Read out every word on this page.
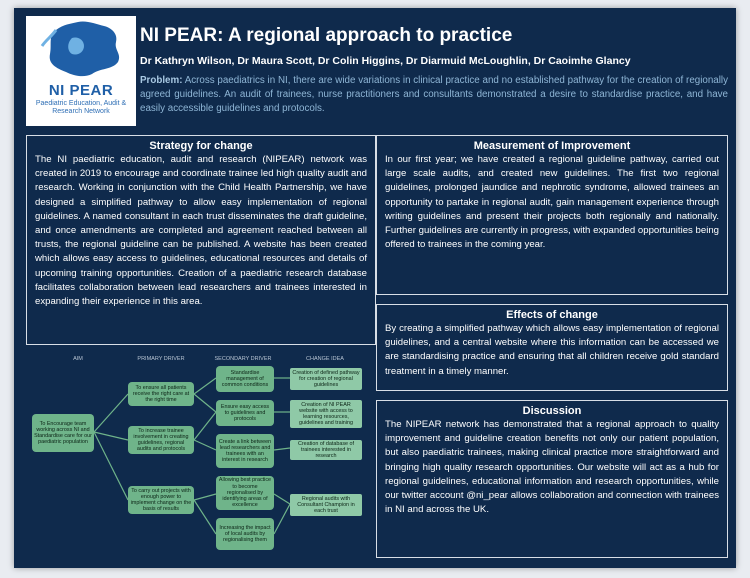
NI PEAR
Paediatric Education, Audit & Research Network
NI PEAR: A regional approach to practice
Dr Kathryn Wilson, Dr Maura Scott, Dr Colin Higgins, Dr Diarmuid McLoughlin, Dr Caoimhe Glancy
Problem: Across paediatrics in NI, there are wide variations in clinical practice and no established pathway for the creation of regionally agreed guidelines. An audit of trainees, nurse practitioners and consultants demonstrated a desire to standardise practice, and have easily accessible guidelines and protocols.
Strategy for change

The NI paediatric education, audit and research (NIPEAR) network was created in 2019 to encourage and coordinate trainee led high quality audit and research. Working in conjunction with the Child Health Partnership, we have designed a simplified pathway to allow easy implementation of regional guidelines. A named consultant in each trust disseminates the draft guideline, and once amendments are completed and agreement reached between all trusts, the regional guideline can be published. A website has been created which allows easy access to guidelines, educational resources and details of upcoming training opportunities. Creation of a paediatric research database facilitates collaboration between lead researchers and trainees interested in expanding their experience in this area.

Measurement of Improvement

In our first year; we have created a regional guideline pathway, carried out large scale audits, and created new guidelines. The first two regional guidelines, prolonged jaundice and nephrotic syndrome, allowed trainees an opportunity to partake in regional audit, gain management experience through writing guidelines and present their projects both regionally and nationally. Further guidelines are currently in progress, with expanded opportunities being offered to trainees in the coming year.

Effects of change

By creating a simplified pathway which allows easy implementation of regional guidelines, and a central website where this information can be accessed we are standardising practice and ensuring that all children receive gold standard treatment in a timely manner.

Discussion

The NIPEAR network has demonstrated that a regional approach to quality improvement and guideline creation benefits not only our patient population, but also paediatric trainees, making clinical practice more straightforward and bringing high quality research opportunities. Our website will act as a hub for regional guidelines, educational information and research opportunities, while our twitter account @ni_pear allows collaboration and connection with trainees in NI and across the UK.

AIM	PRIMARY DRIVER	SECONDARY DRIVER	CHANGE IDEA
To Encourage team working across NI and Standardise care for our paediatric population
To ensure all patients receive the right care at the right time
To increase trainee involvement in creating guidelines, regional audits and protocols
To carry out projects with enough power to implement change on the basis of results
Standardise management of common conditions
Ensure easy access to guidelines and protocols
Create a link between lead researchers and trainees with an interest in research
Allowing best practice to become regionalised by identifying areas of excellence
Increasing the impact of local audits by regionalising them
Creation of defined pathway for creation of regional guidelines
Creation of NI PEAR website with access to learning resources, guidelines and training
Creation of database of trainees interested in research
Regional audits with Consultant Champion in each trust
